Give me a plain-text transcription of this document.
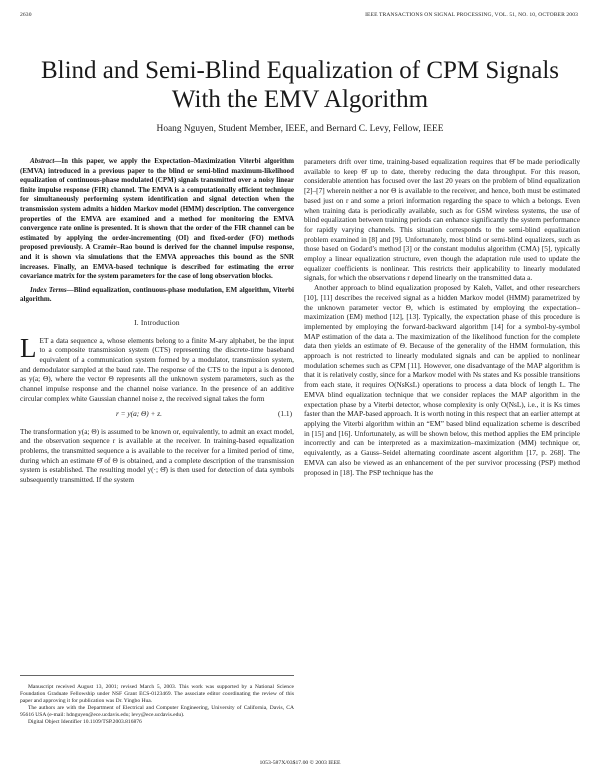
2630	IEEE TRANSACTIONS ON SIGNAL PROCESSING, VOL. 51, NO. 10, OCTOBER 2003
Blind and Semi-Blind Equalization of CPM Signals
With the EMV Algorithm
Hoang Nguyen, Student Member, IEEE, and Bernard C. Levy, Fellow, IEEE

Abstract—In this paper, we apply the Expectation–Maximization Viterbi algorithm (EMVA) introduced in a previous paper to the blind or semi-blind maximum-likelihood equalization of continuous-phase modulated (CPM) signals transmitted over a noisy linear finite impulse response (FIR) channel. The EMVA is a computationally efficient technique for simultaneously performing system identification and signal detection when the transmission system admits a hidden Markov model (HMM) description. The convergence properties of the EMVA are examined and a method for monitoring the EMVA convergence rate online is presented. It is shown that the order of the FIR channel can be estimated by applying the order-incrementing (OI) and fixed-order (FO) methods proposed previously. A Cramér–Rao bound is derived for the channel impulse response, and it is shown via simulations that the EMVA approaches this bound as the SNR increases. Finally, an EMVA-based technique is described for estimating the error covariance matrix for the system parameters for the case of long observation blocks.

Index Terms—Blind equalization, continuous-phase modulation, EM algorithm, Viterbi algorithm.

I. Introduction

LET a data sequence a, whose elements belong to a finite M-ary alphabet, be the input to a composite transmission system (CTS) representing the discrete-time baseband equivalent of a communication system formed by a modulator, transmission system, and demodulator sampled at the baud rate. The response of the CTS to the input a is denoted as y(a; Θ), where the vector Θ represents all the unknown system parameters, such as the channel impulse response and the channel noise variance. In the presence of an additive circular complex white Gaussian channel noise z, the received signal takes the form

r = y(a; Θ) + z.	(1.1)

The transformation y(a; Θ) is assumed to be known or, equivalently, to admit an exact model, and the observation sequence r is available at the receiver. In training-based equalization problems, the transmitted sequence a is available to the receiver for a limited period of time, during which an estimate Θ̂ of Θ is obtained, and a complete description of the transmission system is established. The resulting model y(·; Θ̂) is then used for detection of data symbols subsequently transmitted. If the system

parameters drift over time, training-based equalization requires that Θ̂ be made periodically available to keep Θ̂ up to date, thereby reducing the data throughput. For this reason, considerable attention has focused over the last 20 years on the problem of blind equalization [2]–[7] wherein neither a nor Θ is available to the receiver, and hence, both must be estimated based just on r and some a priori information regarding the space to which a belongs. Even when training data is periodically available, such as for GSM wireless systems, the use of blind equalization between training periods can enhance significantly the system performance for rapidly varying channels. This situation corresponds to the semi-blind equalization problem examined in [8] and [9]. Unfortunately, most blind or semi-blind equalizers, such as those based on Godard’s method [3] or the constant modulus algorithm (CMA) [5], typically employ a linear equalization structure, even though the adaptation rule used to update the equalizer coefficients is nonlinear. This restricts their applicability to linearly modulated signals, for which the observations r depend linearly on the transmitted data a.

Another approach to blind equalization proposed by Kaleh, Vallet, and other researchers [10], [11] describes the received signal as a hidden Markov model (HMM) parametrized by the unknown parameter vector Θ, which is estimated by employing the expectation–maximization (EM) method [12], [13]. Typically, the expectation phase of this procedure is implemented by employing the forward-backward algorithm [14] for a symbol-by-symbol MAP estimation of the data a. The maximization of the likelihood function for the complete data then yields an estimate of Θ. Because of the generality of the HMM formulation, this approach is not restricted to linearly modulated signals and can be applied to nonlinear modulation schemes such as CPM [11]. However, one disadvantage of the MAP algorithm is that it is relatively costly, since for a Markov model with Ns states and Ks possible transitions from each state, it requires O(NsKsL) operations to process a data block of length L. The EMVA blind equalization technique that we consider replaces the MAP algorithm in the expectation phase by a Viterbi detector, whose complexity is only O(NsL), i.e., it is Ks times faster than the MAP-based approach. It is worth noting in this respect that an earlier attempt at applying the Viterbi algorithm within an “EM” based blind equalization scheme is described in [15] and [16]. Unfortunately, as will be shown below, this method applies the EM principle incorrectly and can be interpreted as a maximization–maximization (MM) technique or, equivalently, as a Gauss–Seidel alternating coordinate ascent algorithm [17, p. 268]. The EMVA can also be viewed as an enhancement of the per survivor processing (PSP) method proposed in [18]. The PSP technique has the

Manuscript received August 13, 2001; revised March 5, 2003. This work was supported by a National Science Foundation Graduate Fellowship under NSF Grant ECS-0123469. The associate editor coordinating the review of this paper and approving it for publication was Dr. Yingbo Hua.

The authors are with the Department of Electrical and Computer Engineering, University of California, Davis, CA 95616 USA (e-mail: hdnguyen@ece.ucdavis.edu; levy@ece.ucdavis.edu).

Digital Object Identifier 10.1109/TSP.2003.816876

1053-587X/03$17.00 © 2003 IEEE
